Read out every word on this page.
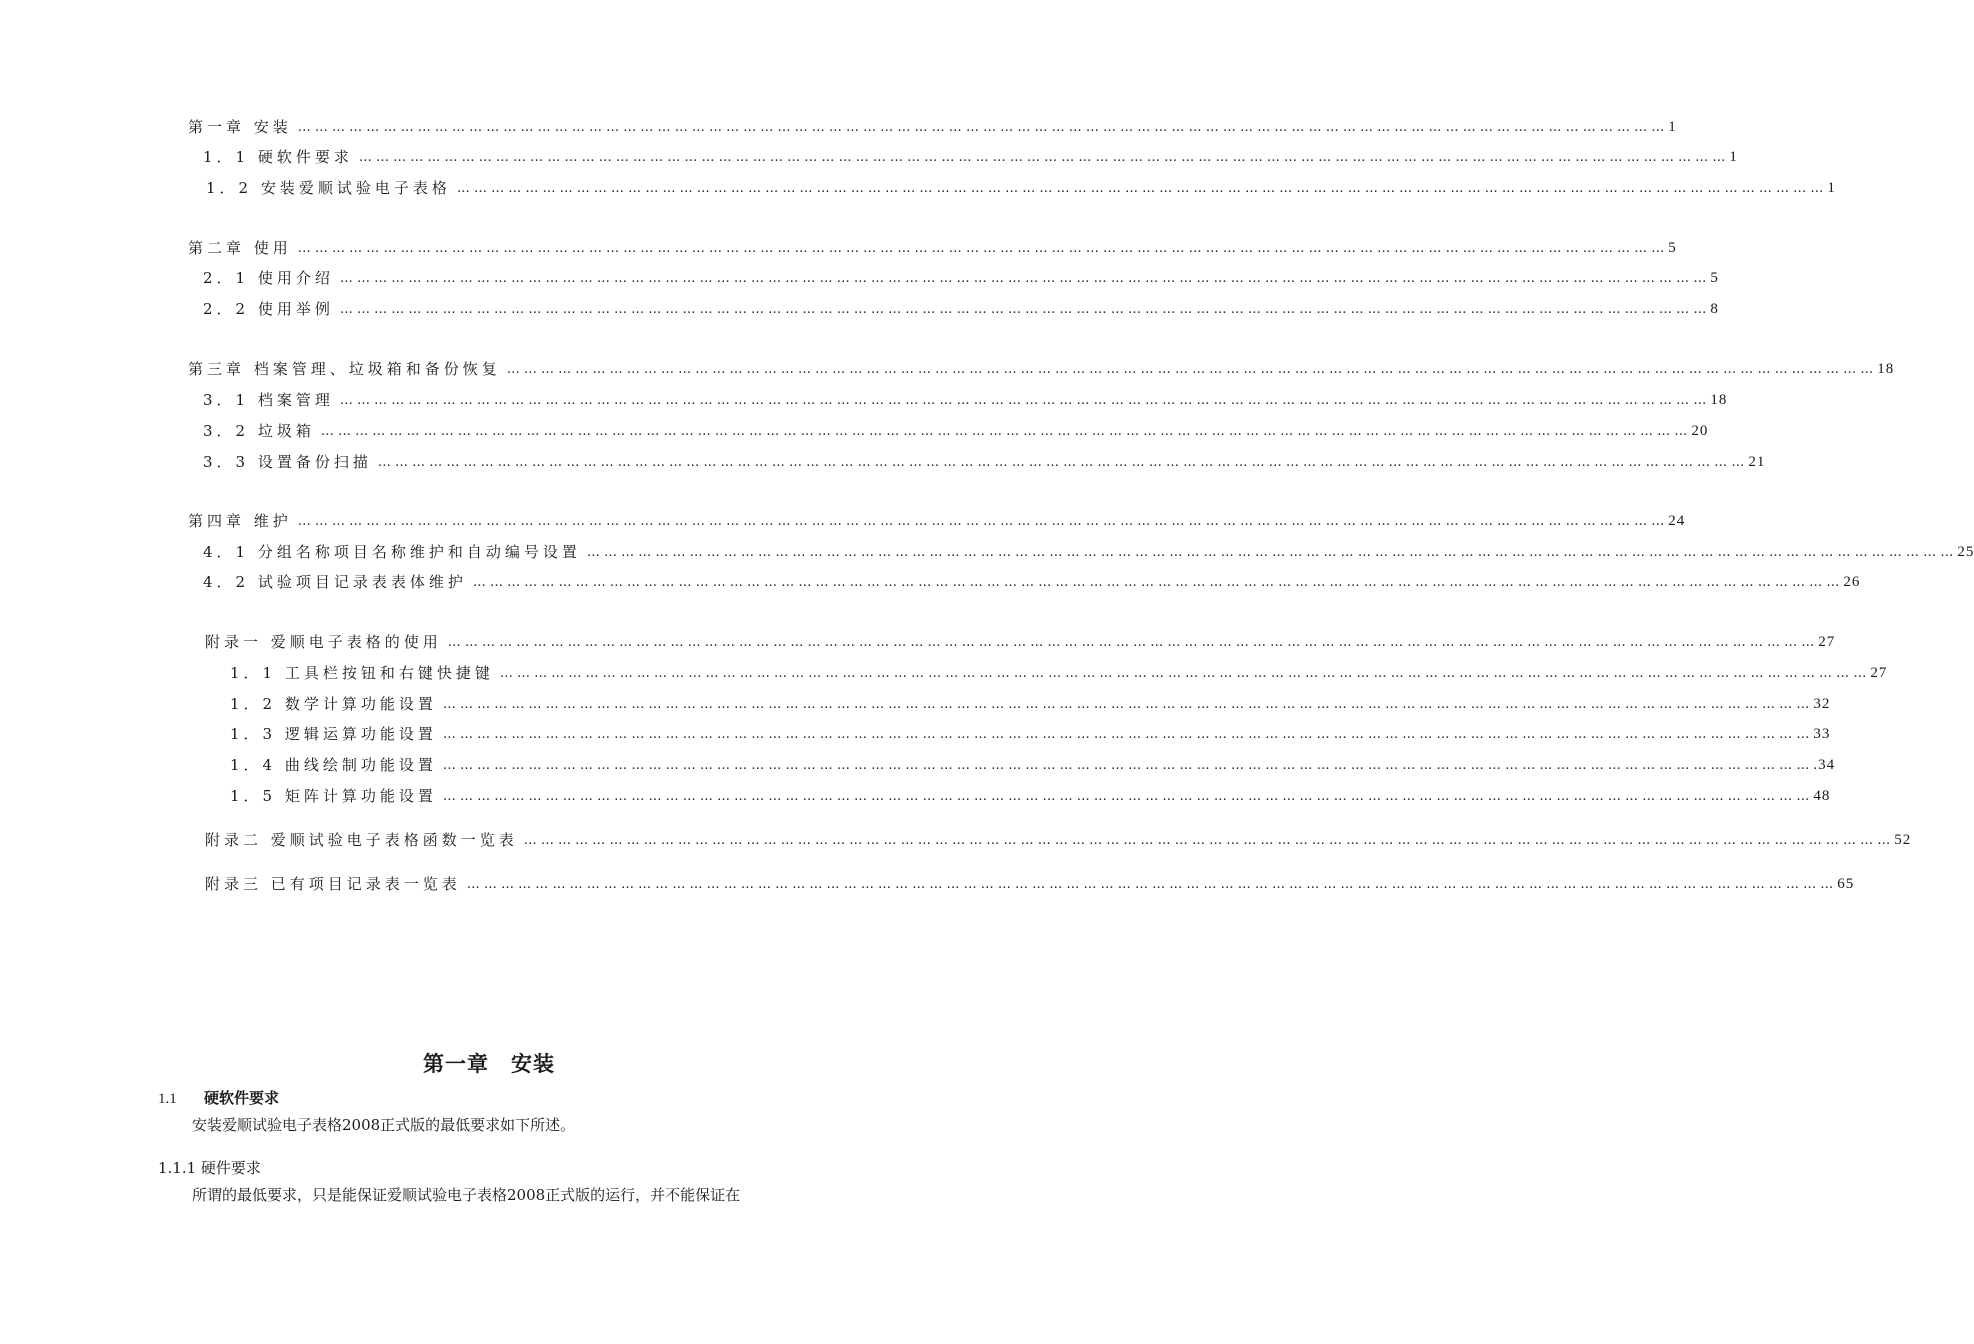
第一章 安装 … … … … … … … … … … … … … … … … … … … … … … … … … … … … … … … … … … … … … … … … … … … … … … … … … … … … … … … … … … … … … … … … … … … … … … … … … … … … … … … … 1
1．1 硬软件要求 … … … … … … … … … … … … … … … … … … … … … … … … … … … … … … … … … … … … … … … … … … … … … … … … … … … … … … … … … … … … … … … … … … … … … … … … … … … … … … … … 1
1．2 安装爱顺试验电子表格 … … … … … … … … … … … … … … … … … … … … … … … … … … … … … … … … … … … … … … … … … … … … … … … … … … … … … … … … … … … … … … … … … … … … … … … … … … … … … … … … 1
第二章 使用 … … … … … … … … … … … … … … … … … … … … … … … … … … … … … … … … … … … … … … … … … … … … … … … … … … … … … … … … … … … … … … … … … … … … … … … … … … … … … … … … 5
2．1 使用介绍 … … … … … … … … … … … … … … … … … … … … … … … … … … … … … … … … … … … … … … … … … … … … … … … … … … … … … … … … … … … … … … … … … … … … … … … … … … … … … … … … 5
2．2 使用举例 … … … … … … … … … … … … … … … … … … … … … … … … … … … … … … … … … … … … … … … … … … … … … … … … … … … … … … … … … … … … … … … … … … … … … … … … … … … … … … … … 8
第三章 档案管理、垃圾箱和备份恢复 … … … … … … … … … … … … … … … … … … … … … … … … … … … … … … … … … … … … … … … … … … … … … … … … … … … … … … … … … … … … … … … … … … … … … … … … … … … … … … … … 18
3．1 档案管理 … … … … … … … … … … … … … … … … … … … … … … … … … … … … … … … … … … … … … … … … … … … … … … … … … … … … … … … … … … … … … … … … … … … … … … … … … … … … … … … … 18
3．2 垃圾箱 … … … … … … … … … … … … … … … … … … … … … … … … … … … … … … … … … … … … … … … … … … … … … … … … … … … … … … … … … … … … … … … … … … … … … … … … … … … … … … … … 20
3．3 设置备份扫描 … … … … … … … … … … … … … … … … … … … … … … … … … … … … … … … … … … … … … … … … … … … … … … … … … … … … … … … … … … … … … … … … … … … … … … … … … … … … … … … … 21
第四章 维护 … … … … … … … … … … … … … … … … … … … … … … … … … … … … … … … … … … … … … … … … … … … … … … … … … … … … … … … … … … … … … … … … … … … … … … … … … … … … … … … … 24
4．1 分组名称项目名称维护和自动编号设置 … … … … … … … … … … … … … … … … … … … … … … … … … … … … … … … … … … … … … … … … … … … … … … … … … … … … … … … … … … … … … … … … … … … … … … … … … … … … … … … … 25
4．2 试验项目记录表表体维护 … … … … … … … … … … … … … … … … … … … … … … … … … … … … … … … … … … … … … … … … … … … … … … … … … … … … … … … … … … … … … … … … … … … … … … … … … … … … … … … … 26
附录一 爱顺电子表格的使用 … … … … … … … … … … … … … … … … … … … … … … … … … … … … … … … … … … … … … … … … … … … … … … … … … … … … … … … … … … … … … … … … … … … … … … … … … … … … … … … … 27
1．1 工具栏按钮和右键快捷键 … … … … … … … … … … … … … … … … … … … … … … … … … … … … … … … … … … … … … … … … … … … … … … … … … … … … … … … … … … … … … … … … … … … … … … … … … … … … … … … … 27
1．2 数学计算功能设置 … … … … … … … … … … … … … … … … … … … … … … … … … … … … … … … … … … … … … … … … … … … … … … … … … … … … … … … … … … … … … … … … … … … … … … … … … … … … … … … … 32
1．3 逻辑运算功能设置 … … … … … … … … … … … … … … … … … … … … … … … … … … … … … … … … … … … … … … … … … … … … … … … … … … … … … … … … … … … … … … … … … … … … … … … … … … … … … … … … 33
1．4 曲线绘制功能设置 … … … … … … … … … … … … … … … … … … … … … … … … … … … … … … … … … … … … … … … … … … … … … … … … … … … … … … … … … … … … … … … … … … … … … … … … … … … … … … … … .34
1．5 矩阵计算功能设置 … … … … … … … … … … … … … … … … … … … … … … … … … … … … … … … … … … … … … … … … … … … … … … … … … … … … … … … … … … … … … … … … … … … … … … … … … … … … … … … … 48
附录二 爱顺试验电子表格函数一览表 … … … … … … … … … … … … … … … … … … … … … … … … … … … … … … … … … … … … … … … … … … … … … … … … … … … … … … … … … … … … … … … … … … … … … … … … … … … … … … … … 52
附录三 已有项目记录表一览表 … … … … … … … … … … … … … … … … … … … … … … … … … … … … … … … … … … … … … … … … … … … … … … … … … … … … … … … … … … … … … … … … … … … … … … … … … … … … … … … … 65
第一章　安装
1.1 硬软件要求
安装爱顺试验电子表格2008正式版的最低要求如下所述。
1.1.1 硬件要求
所谓的最低要求，只是能保证爱顺试验电子表格2008正式版的运行，并不能保证在
